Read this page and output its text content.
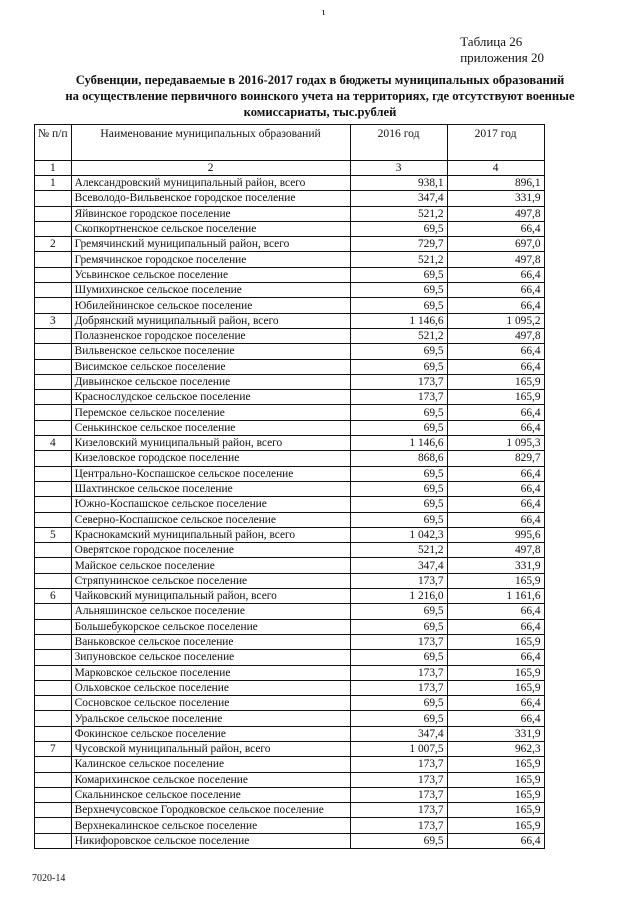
ι
Таблица 26
приложения 20
Субвенции, передаваемые в 2016-2017 годах в бюджеты муниципальных образований
на осуществление первичного воинского учета на территориях, где отсутствуют военные
комиссариаты, тыс.рублей
№ п/п	Наименование муниципальных образований	2016 год	2017 год
1	2	3	4
1	Александровский муниципальный район, всего	938,1	896,1
	Всеволодо-Вильвенское городское поселение	347,4	331,9
	Яйвинское городское поселение	521,2	497,8
	Скопкортненское сельское поселение	69,5	66,4
2	Гремячинский муниципальный район, всего	729,7	697,0
	Гремячинское городское поселение	521,2	497,8
	Усьвинское сельское поселение	69,5	66,4
	Шумихинское сельское поселение	69,5	66,4
	Юбилейнинское сельское поселение	69,5	66,4
3	Добрянский муниципальный район, всего	1 146,6	1 095,2
	Полазненское городское поселение	521,2	497,8
	Вильвенское сельское поселение	69,5	66,4
	Висимское сельское поселение	69,5	66,4
	Дивьинское сельское поселение	173,7	165,9
	Краснослудское сельское поселение	173,7	165,9
	Перемское сельское поселение	69,5	66,4
	Сенькинское сельское поселение	69,5	66,4
4	Кизеловский муниципальный район, всего	1 146,6	1 095,3
	Кизеловское городское поселение	868,6	829,7
	Центрально-Коспашское сельское поселение	69,5	66,4
	Шахтинское сельское поселение	69,5	66,4
	Южно-Коспашское сельское поселение	69,5	66,4
	Северно-Коспашское сельское поселение	69,5	66,4
5	Краснокамский муниципальный район, всего	1 042,3	995,6
	Оверятское городское поселение	521,2	497,8
	Майское сельское поселение	347,4	331,9
	Стряпунинское сельское поселение	173,7	165,9
6	Чайковский муниципальный район, всего	1 216,0	1 161,6
	Альняшинское сельское поселение	69,5	66,4
	Большебукорское сельское поселение	69,5	66,4
	Ваньковское сельское поселение	173,7	165,9
	Зипуновское сельское поселение	69,5	66,4
	Марковское сельское поселение	173,7	165,9
	Ольховское сельское поселение	173,7	165,9
	Сосновское сельское поселение	69,5	66,4
	Уральское сельское поселение	69,5	66,4
	Фокинское сельское поселение	347,4	331,9
7	Чусовской муниципальный район, всего	1 007,5	962,3
	Калинское сельское поселение	173,7	165,9
	Комарихинское сельское поселение	173,7	165,9
	Скальнинское сельское поселение	173,7	165,9
	Верхнечусовское Городковское сельское поселение	173,7	165,9
	Верхнекалинское сельское поселение	173,7	165,9
	Никифоровское сельское поселение	69,5	66,4
7020-14
